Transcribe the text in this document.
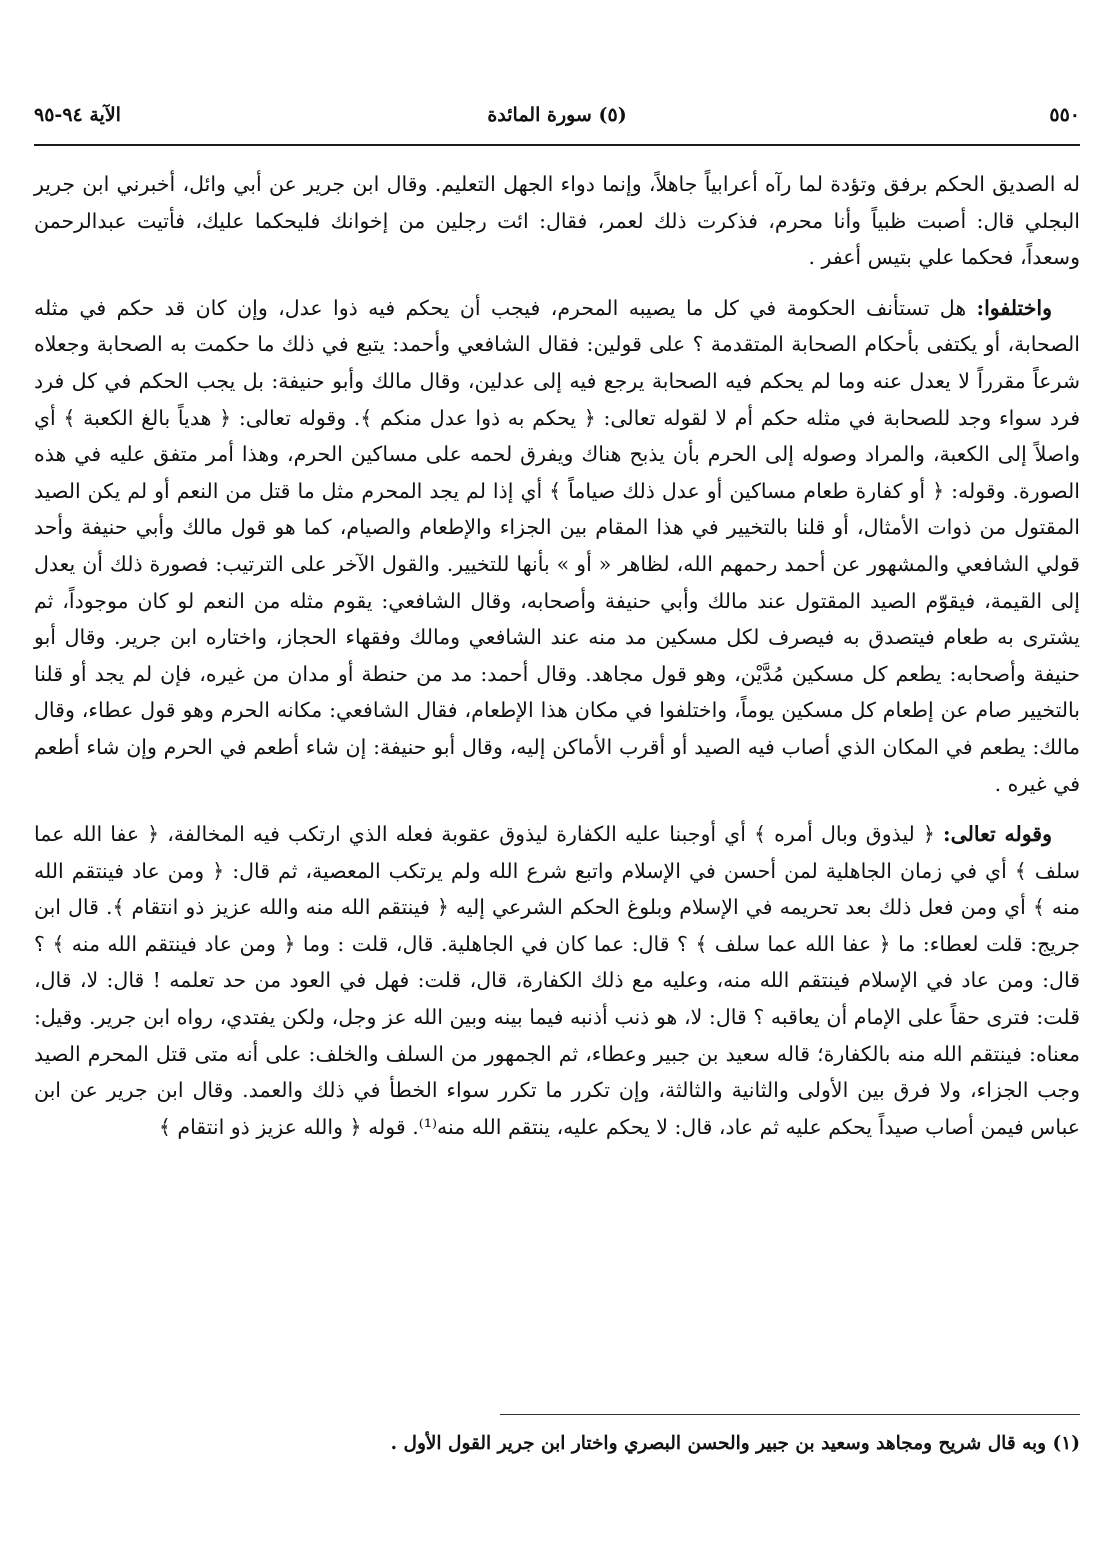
٥٥٠
(٥) سورة المائدة
الآية ٩٤-٩٥

له الصديق الحكم برفق وتؤدة لما رآه أعرابياً جاهلاً، وإنما دواء الجهل التعليم. وقال ابن جرير عن أبي وائل، أخبرني ابن جرير البجلي قال: أصبت ظبياً وأنا محرم، فذكرت ذلك لعمر، فقال: ائت رجلين من إخوانك فليحكما عليك، فأتيت عبدالرحمن وسعداً، فحكما علي بتيس أعفر .

واختلفوا: هل تستأنف الحكومة في كل ما يصيبه المحرم، فيجب أن يحكم فيه ذوا عدل، وإن كان قد حكم في مثله الصحابة، أو يكتفى بأحكام الصحابة المتقدمة ؟ على قولين: فقال الشافعي وأحمد: يتبع في ذلك ما حكمت به الصحابة وجعلاه شرعاً مقرراً لا يعدل عنه وما لم يحكم فيه الصحابة يرجع فيه إلى عدلين، وقال مالك وأبو حنيفة: بل يجب الحكم في كل فرد فرد سواء وجد للصحابة في مثله حكم أم لا لقوله تعالى: ﴿ يحكم به ذوا عدل منكم ﴾. وقوله تعالى: ﴿ هدياً بالغ الكعبة ﴾ أي واصلاً إلى الكعبة، والمراد وصوله إلى الحرم بأن يذبح هناك ويفرق لحمه على مساكين الحرم، وهذا أمر متفق عليه في هذه الصورة. وقوله: ﴿ أو كفارة طعام مساكين أو عدل ذلك صياماً ﴾ أي إذا لم يجد المحرم مثل ما قتل من النعم أو لم يكن الصيد المقتول من ذوات الأمثال، أو قلنا بالتخيير في هذا المقام بين الجزاء والإطعام والصيام، كما هو قول مالك وأبي حنيفة وأحد قولي الشافعي والمشهور عن أحمد رحمهم الله، لظاهر « أو » بأنها للتخيير. والقول الآخر على الترتيب: فصورة ذلك أن يعدل إلى القيمة، فيقوّم الصيد المقتول عند مالك وأبي حنيفة وأصحابه، وقال الشافعي: يقوم مثله من النعم لو كان موجوداً، ثم يشترى به طعام فيتصدق به فيصرف لكل مسكين مد منه عند الشافعي ومالك وفقهاء الحجاز، واختاره ابن جرير. وقال أبو حنيفة وأصحابه: يطعم كل مسكين مُدَّيْن، وهو قول مجاهد. وقال أحمد: مد من حنطة أو مدان من غيره، فإن لم يجد أو قلنا بالتخيير صام عن إطعام كل مسكين يوماً، واختلفوا في مكان هذا الإطعام، فقال الشافعي: مكانه الحرم وهو قول عطاء، وقال مالك: يطعم في المكان الذي أصاب فيه الصيد أو أقرب الأماكن إليه، وقال أبو حنيفة: إن شاء أطعم في الحرم وإن شاء أطعم في غيره .

وقوله تعالى: ﴿ ليذوق وبال أمره ﴾ أي أوجبنا عليه الكفارة ليذوق عقوبة فعله الذي ارتكب فيه المخالفة، ﴿ عفا الله عما سلف ﴾ أي في زمان الجاهلية لمن أحسن في الإسلام واتبع شرع الله ولم يرتكب المعصية، ثم قال: ﴿ ومن عاد فينتقم الله منه ﴾ أي ومن فعل ذلك بعد تحريمه في الإسلام وبلوغ الحكم الشرعي إليه ﴿ فينتقم الله منه والله عزيز ذو انتقام ﴾. قال ابن جريج: قلت لعطاء: ما ﴿ عفا الله عما سلف ﴾ ؟ قال: عما كان في الجاهلية. قال، قلت : وما ﴿ ومن عاد فينتقم الله منه ﴾ ؟ قال: ومن عاد في الإسلام فينتقم الله منه، وعليه مع ذلك الكفارة، قال، قلت: فهل في العود من حد تعلمه ! قال: لا، قال، قلت: فترى حقاً على الإمام أن يعاقبه ؟ قال: لا، هو ذنب أذنبه فيما بينه وبين الله عز وجل، ولكن يفتدي، رواه ابن جرير. وقيل: معناه: فينتقم الله منه بالكفارة؛ قاله سعيد بن جبير وعطاء، ثم الجمهور من السلف والخلف: على أنه متى قتل المحرم الصيد وجب الجزاء، ولا فرق بين الأولى والثانية والثالثة، وإن تكرر ما تكرر سواء الخطأ في ذلك والعمد. وقال ابن جرير عن ابن عباس فيمن أصاب صيداً يحكم عليه ثم عاد، قال: لا يحكم عليه، ينتقم الله منه⁽¹⁾. قوله ﴿ والله عزيز ذو انتقام ﴾

(١) وبه قال شريح ومجاهد وسعيد بن جبير والحسن البصري واختار ابن جرير القول الأول .
